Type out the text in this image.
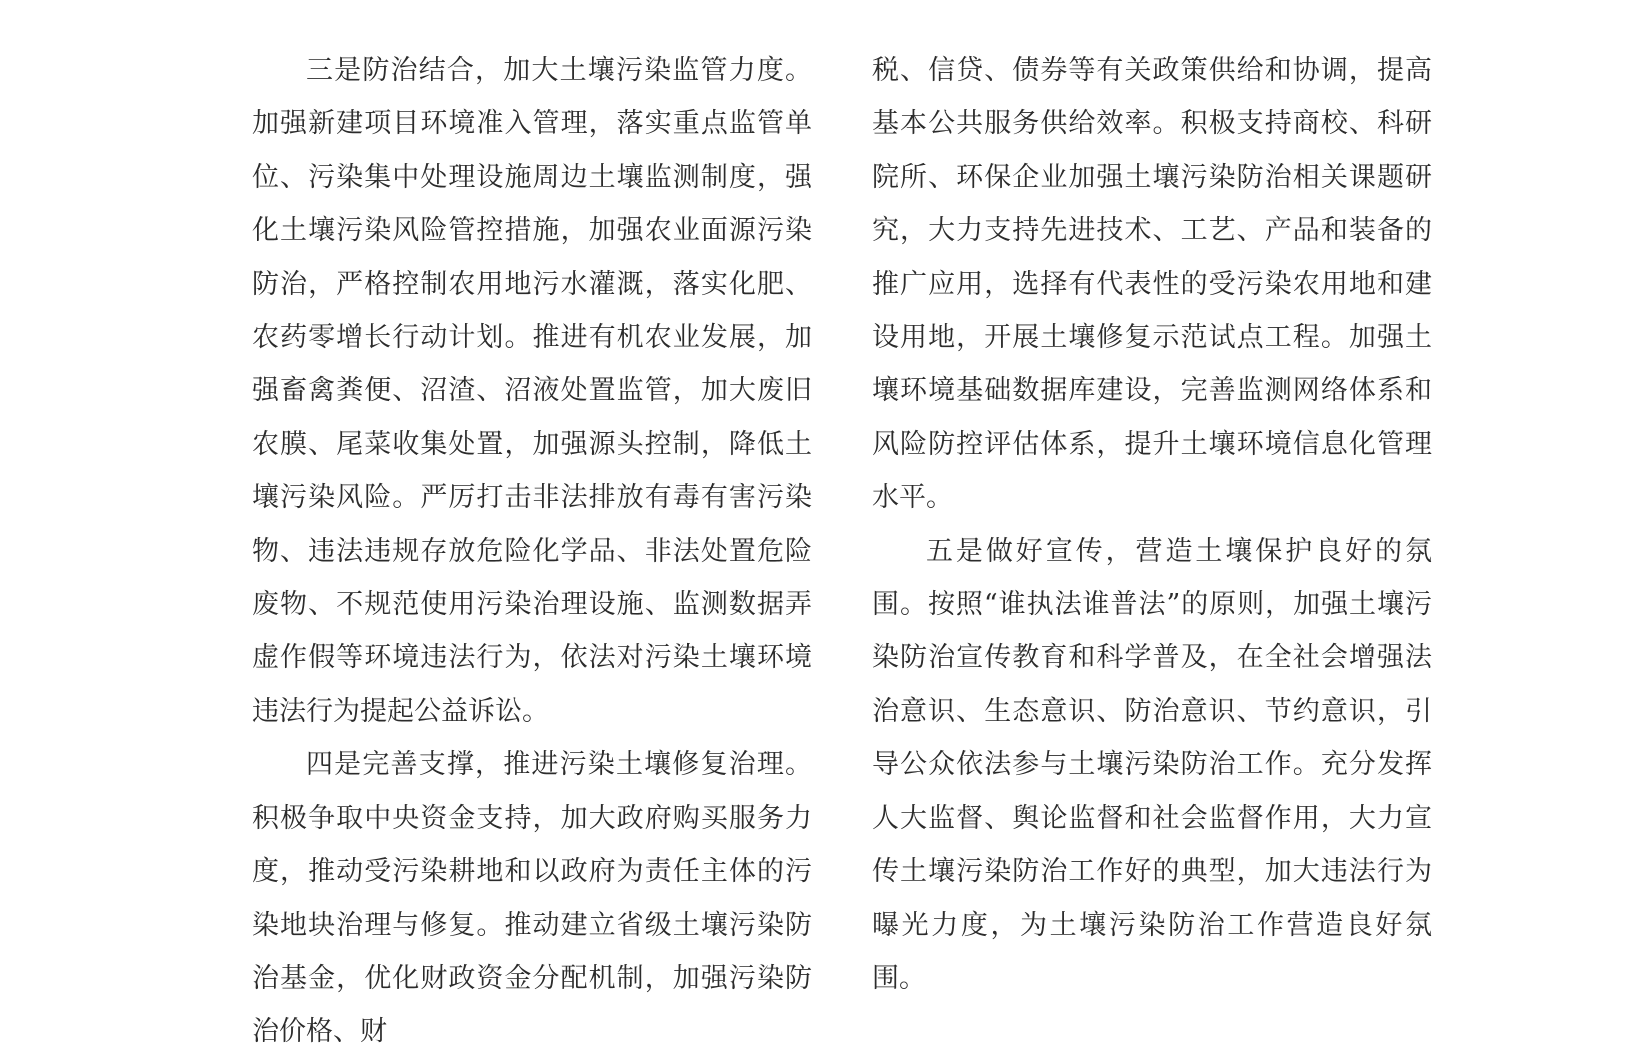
三是防治结合，加大土壤污染监管力度。加强新建项目环境准入管理，落实重点监管单位、污染集中处理设施周边土壤监测制度，强化土壤污染风险管控措施，加强农业面源污染防治，严格控制农用地污水灌溉，落实化肥、农药零增长行动计划。推进有机农业发展，加强畜禽粪便、沼渣、沼液处置监管，加大废旧农膜、尾菜收集处置，加强源头控制，降低土壤污染风险。严厉打击非法排放有毒有害污染物、违法违规存放危险化学品、非法处置危险废物、不规范使用污染治理设施、监测数据弄虚作假等环境违法行为，依法对污染土壤环境违法行为提起公益诉讼。

四是完善支撑，推进污染土壤修复治理。积极争取中央资金支持，加大政府购买服务力度，推动受污染耕地和以政府为责任主体的污染地块治理与修复。推动建立省级土壤污染防治基金，优化财政资金分配机制，加强污染防治价格、财

税、信贷、债券等有关政策供给和协调，提高基本公共服务供给效率。积极支持商校、科研院所、环保企业加强土壤污染防治相关课题研究，大力支持先进技术、工艺、产品和装备的推广应用，选择有代表性的受污染农用地和建设用地，开展土壤修复示范试点工程。加强土壤环境基础数据库建设，完善监测网络体系和风险防控评估体系，提升土壤环境信息化管理水平。

五是做好宣传，营造土壤保护良好的氛围。按照“谁执法谁普法”的原则，加强土壤污染防治宣传教育和科学普及，在全社会增强法治意识、生态意识、防治意识、节约意识，引导公众依法参与土壤污染防治工作。充分发挥人大监督、舆论监督和社会监督作用，大力宣传土壤污染防治工作好的典型，加大违法行为曝光力度，为土壤污染防治工作营造良好氛围。
